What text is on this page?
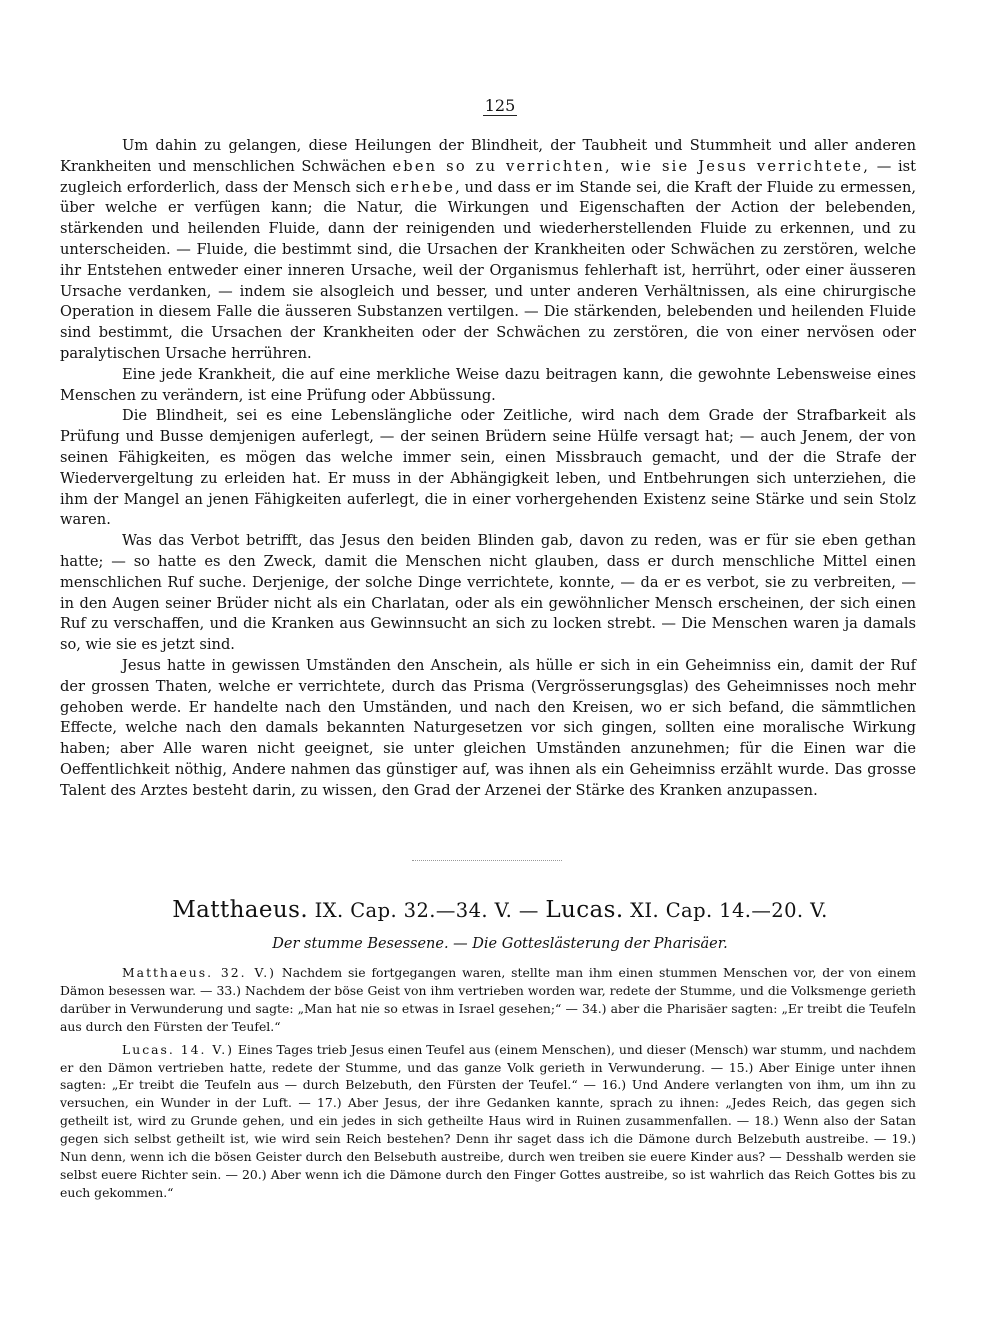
125

Um dahin zu gelangen, diese Heilungen der Blindheit, der Taubheit und Stummheit und aller anderen Krankheiten und menschlichen Schwächen eben so zu verrichten, wie sie Jesus verrichtete, — ist zugleich erforderlich, dass der Mensch sich erhebe, und dass er im Stande sei, die Kraft der Fluide zu ermessen, über welche er verfügen kann; die Natur, die Wirkungen und Eigenschaften der Action der belebenden, stärkenden und heilenden Fluide, dann der reinigenden und wiederherstellenden Fluide zu erkennen, und zu unterscheiden. — Fluide, die bestimmt sind, die Ursachen der Krankheiten oder Schwächen zu zerstören, welche ihr Entstehen entweder einer inneren Ursache, weil der Organismus fehlerhaft ist, herrührt, oder einer äusseren Ursache verdanken, — indem sie alsogleich und besser, und unter anderen Verhältnissen, als eine chirurgische Operation in diesem Falle die äusseren Substanzen vertilgen. — Die stärkenden, belebenden und heilenden Fluide sind bestimmt, die Ursachen der Krankheiten oder der Schwächen zu zerstören, die von einer nervösen oder paralytischen Ursache herrühren.

Eine jede Krankheit, die auf eine merkliche Weise dazu beitragen kann, die gewohnte Lebensweise eines Menschen zu verändern, ist eine Prüfung oder Abbüssung.

Die Blindheit, sei es eine Lebenslängliche oder Zeitliche, wird nach dem Grade der Strafbarkeit als Prüfung und Busse demjenigen auferlegt, — der seinen Brüdern seine Hülfe versagt hat; — auch Jenem, der von seinen Fähigkeiten, es mögen das welche immer sein, einen Missbrauch gemacht, und der die Strafe der Wiedervergeltung zu erleiden hat. Er muss in der Abhängigkeit leben, und Entbehrungen sich unterziehen, die ihm der Mangel an jenen Fähigkeiten auferlegt, die in einer vorhergehenden Existenz seine Stärke und sein Stolz waren.

Was das Verbot betrifft, das Jesus den beiden Blinden gab, davon zu reden, was er für sie eben gethan hatte; — so hatte es den Zweck, damit die Menschen nicht glauben, dass er durch menschliche Mittel einen menschlichen Ruf suche. Derjenige, der solche Dinge verrichtete, konnte, — da er es verbot, sie zu verbreiten, — in den Augen seiner Brüder nicht als ein Charlatan, oder als ein gewöhnlicher Mensch erscheinen, der sich einen Ruf zu verschaffen, und die Kranken aus Gewinnsucht an sich zu locken strebt. — Die Menschen waren ja damals so, wie sie es jetzt sind.

Jesus hatte in gewissen Umständen den Anschein, als hülle er sich in ein Geheimniss ein, damit der Ruf der grossen Thaten, welche er verrichtete, durch das Prisma (Vergrösserungsglas) des Geheimnisses noch mehr gehoben werde. Er handelte nach den Umständen, und nach den Kreisen, wo er sich befand, die sämmtlichen Effecte, welche nach den damals bekannten Naturgesetzen vor sich gingen, sollten eine moralische Wirkung haben; aber Alle waren nicht geeignet, sie unter gleichen Umständen anzunehmen; für die Einen war die Oeffentlichkeit nöthig, Andere nahmen das günstiger auf, was ihnen als ein Geheimniss erzählt wurde. Das grosse Talent des Arztes besteht darin, zu wissen, den Grad der Arzenei der Stärke des Kranken anzupassen.

Matthaeus. IX. Cap. 32.—34. V. — Lucas. XI. Cap. 14.—20. V.
Der stumme Besessene. — Die Gotteslästerung der Pharisäer.

Matthaeus. 32. V.) Nachdem sie fortgegangen waren, stellte man ihm einen stummen Menschen vor, der von einem Dämon besessen war. — 33.) Nachdem der böse Geist von ihm vertrieben worden war, redete der Stumme, und die Volksmenge gerieth darüber in Verwunderung und sagte: „Man hat nie so etwas in Israel gesehen;“ — 34.) aber die Pharisäer sagten: „Er treibt die Teufeln aus durch den Fürsten der Teufel.“

Lucas. 14. V.) Eines Tages trieb Jesus einen Teufel aus (einem Menschen), und dieser (Mensch) war stumm, und nachdem er den Dämon vertrieben hatte, redete der Stumme, und das ganze Volk gerieth in Verwunderung. — 15.) Aber Einige unter ihnen sagten: „Er treibt die Teufeln aus — durch Belzebuth, den Fürsten der Teufel.“ — 16.) Und Andere verlangten von ihm, um ihn zu versuchen, ein Wunder in der Luft. — 17.) Aber Jesus, der ihre Gedanken kannte, sprach zu ihnen: „Jedes Reich, das gegen sich getheilt ist, wird zu Grunde gehen, und ein jedes in sich getheilte Haus wird in Ruinen zusammenfallen. — 18.) Wenn also der Satan gegen sich selbst getheilt ist, wie wird sein Reich bestehen? Denn ihr saget dass ich die Dämone durch Belzebuth austreibe. — 19.) Nun denn, wenn ich die bösen Geister durch den Belsebuth austreibe, durch wen treiben sie euere Kinder aus? — Desshalb werden sie selbst euere Richter sein. — 20.) Aber wenn ich die Dämone durch den Finger Gottes austreibe, so ist wahrlich das Reich Gottes bis zu euch gekommen.“
